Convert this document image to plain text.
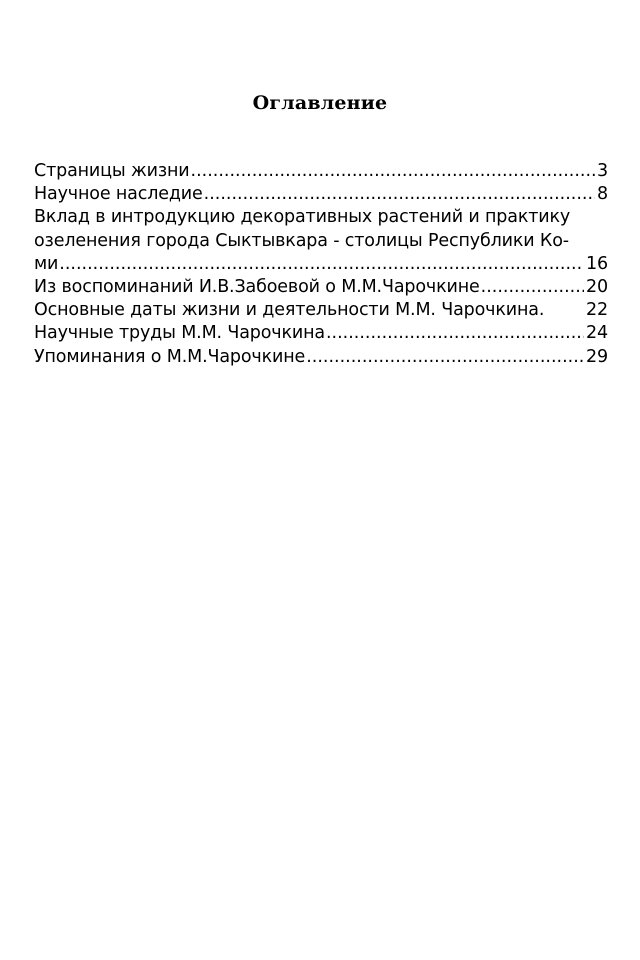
Оглавление
Страницы жизни .....	3
Научное наследие .....	8
Вклад в интродукцию декоративных растений и практику
озеленения города Сыктывкара - столицы Республики Ко-
ми .....	16
Из воспоминаний И.В.Забоевой о М.М.Чарочкине .....	20
Основные даты жизни и деятельности М.М. Чарочкина. 22
Научные труды М.М. Чарочкина .....	24
Упоминания о М.М.Чарочкине .....	29
